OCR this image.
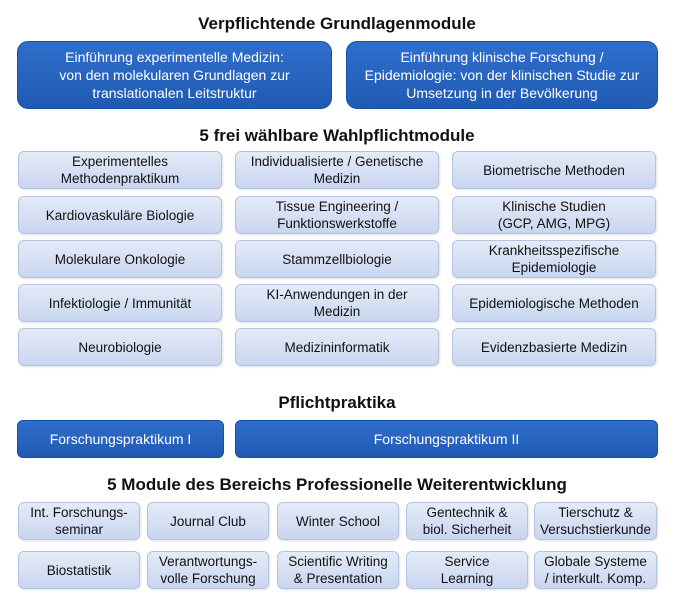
Verpflichtende Grundlagenmodule
5 frei wählbare Wahlpflichtmodule
Pflichtpraktika
5 Module des Bereichs Professionelle Weiterentwicklung
Einführung experimentelle Medizin:
von den molekularen Grundlagen zur
translationalen Leitstruktur
Einführung klinische Forschung /
Epidemiologie: von der klinischen Studie zur
Umsetzung in der Bevölkerung
Experimentelles
Methodenpraktikum
Kardiovaskuläre Biologie
Molekulare Onkologie
Infektiologie / Immunität
Neurobiologie
Individualisierte / Genetische
Medizin
Tissue Engineering /
Funktionswerkstoffe
Stammzellbiologie
KI-Anwendungen in der
Medizin
Medizininformatik
Biometrische Methoden
Klinische Studien
(GCP, AMG, MPG)
Krankheitsspezifische
Epidemiologie
Epidemiologische Methoden
Evidenzbasierte Medizin
Forschungspraktikum I	Forschungspraktikum II
Int. Forschungs-
seminar
Journal Club	Winter School
Gentechnik &
biol. Sicherheit
Tierschutz &
Versuchstierkunde
Biostatistik
Verantwortungs-
volle Forschung
Scientific Writing
& Presentation
Service
Learning
Globale Systeme
/ interkult. Komp.
